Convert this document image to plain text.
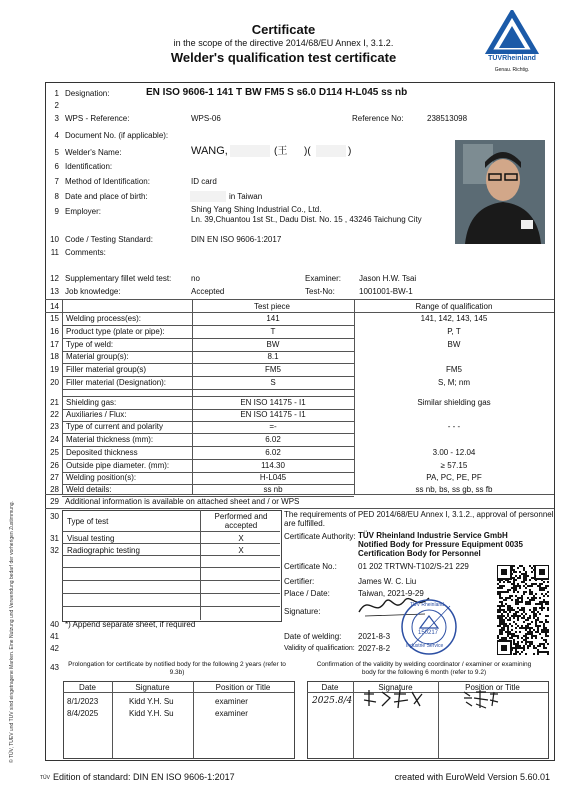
Certificate
in the scope of the directive 2014/68/EU Annex I, 3.1.2.
Welder's qualification test certificate	TÜVRheinland
Genau. Richtig.
1 Designation:	EN ISO 9606-1 141 T BW FM5 S s6.0 D114 H-L045 ss nb
2
3 WPS - Reference:	WPS-06	Reference No:	238513098
4 Document No. (if applicable):
5 Welder's Name:	WANG,	(王 )(	)
6 Identification:
7 Method of Identification:	ID card
8 Date and place of birth:	in Taiwan
9 Employer:	Shing Yang Shing Industrial Co., Ltd.
Ln. 39,Chuantou 1st St., Dadu Dist. No. 15 , 43246 Taichung City
10 Code / Testing Standard:	DIN EN ISO 9606-1:2017
11 Comments:
12 Supplementary fillet weld test: no	Examiner: Jason H.W. Tsai
13 Job knowledge:	Accepted	Test-No:	1001001-BW-1
14	Test piece	Range of qualification
15 Welding process(es):	141	141, 142, 143, 145
16 Product type (plate or pipe):	T	P, T
17 Type of weld:	BW	BW
18 Material group(s):	8.1
19 Filler material group(s)	FM5	FM5
20 Filler material (Designation):	S	S, M; nm
21 Shielding gas:	EN ISO 14175 - I1	Similar shielding gas
22 Auxiliaries / Flux:	EN ISO 14175 - I1
23 Type of current and polarity	=-	- - -
24 Material thickness (mm):	6.02
25 Deposited thickness	6.02	3.00 - 12.04
26 Outside pipe diameter. (mm):	114.30	≥ 57.15
27 Welding position(s):	H-L045	PA, PC, PE, PF
28 Weld details:	ss nb	ss nb, bs, ss gb, ss fb
29 Additional information is available on attached sheet and / or WPS
30
Type of test
Performed and
accepted
31 Visual testing	X
32 Radiographic testing	X
The requirements of PED 2014/68/EU Annex I, 3.1.2., approval of personnel
are fulfilled.
Certificate Authority: TÜV Rheinland Industrie Service GmbH
Notified Body for Pressure Equipment 0035
Certification Body for Personnel
Certificate No.:	01 202 TRTWN-T102/S-21 229
Certifier:	James W. C. Liu
Place / Date:	Taiwan, 2021-9-29
Signature:
TÜV Rheinland
Industrie Service
150217
40 *) Append separate sheet, if required
41	Date of welding: 2021-8-3
42	Validity of qualification: 2027-8-2
43	Prolongation for certificate by notified body for the following 2 years (refer to
9.3b)
Confirmation of the validity by welding coordinator / examiner or examining
body for the following 6 month (refer to 9.2)
Date	Signature	Position or Title
8/1/2023	Kidd Y.H. Su	examiner
8/4/2025	Kidd Y.H. Su	examiner
Date	Signature	Position or Title
2025.8/4
TÜV Edition of standard: DIN EN ISO 9606-1:2017	created with EuroWeld Version 5.60.01
© TÜV, TUEV und TUV sind eingetragene Marken. Eine Nutzung und Verwendung bedarf der vorherigen Zustimmung.
